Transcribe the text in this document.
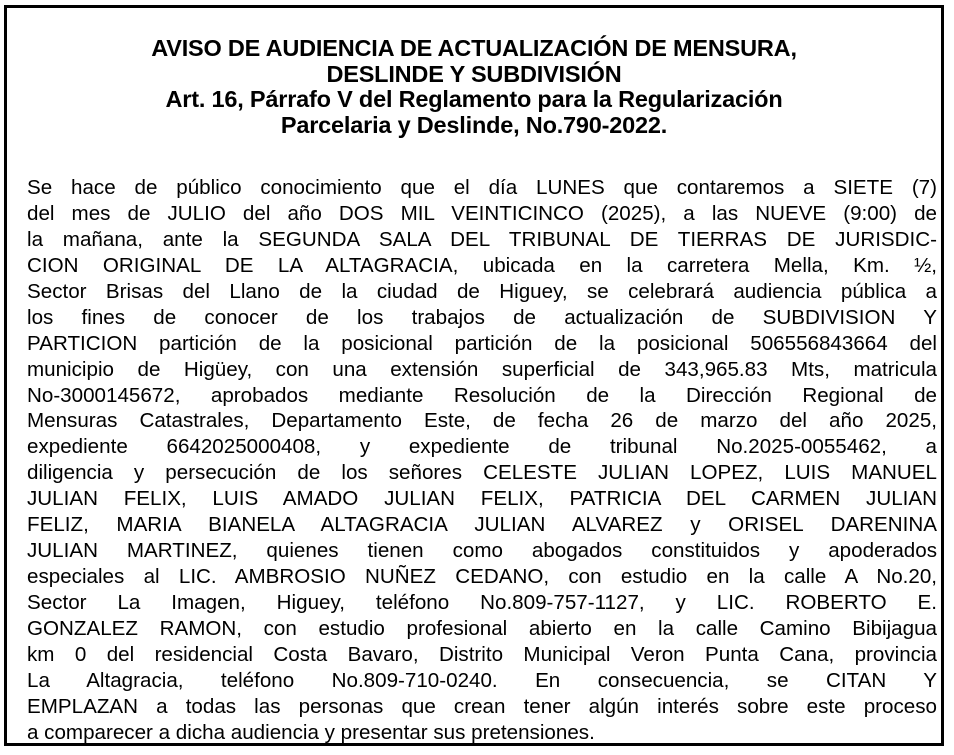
AVISO DE AUDIENCIA DE ACTUALIZACIÓN DE MENSURA,
DESLINDE Y SUBDIVISIÓN
Art. 16, Párrafo V del Reglamento para la Regularización
Parcelaria y Deslinde, No.790-2022.
Se hace de público conocimiento que el día LUNES que contaremos a SIETE (7)
del mes de JULIO del año DOS MIL VEINTICINCO (2025), a las NUEVE (9:00) de
la mañana, ante la SEGUNDA SALA DEL TRIBUNAL DE TIERRAS DE JURISDIC-
CION ORIGINAL DE LA ALTAGRACIA, ubicada en la carretera Mella, Km. ½,
Sector Brisas del Llano de la ciudad de Higuey, se celebrará audiencia pública a
los fines de conocer de los trabajos de actualización de SUBDIVISION Y
PARTICION partición de la posicional partición de la posicional 506556843664 del
municipio de Higüey, con una extensión superficial de 343,965.83 Mts, matricula
No-3000145672, aprobados mediante Resolución de la Dirección Regional de
Mensuras Catastrales, Departamento Este, de fecha 26 de marzo del año 2025,
expediente 6642025000408, y expediente de tribunal No.2025-0055462, a
diligencia y persecución de los señores CELESTE JULIAN LOPEZ, LUIS MANUEL
JULIAN FELIX, LUIS AMADO JULIAN FELIX, PATRICIA DEL CARMEN JULIAN
FELIZ, MARIA BIANELA ALTAGRACIA JULIAN ALVAREZ y ORISEL DARENINA
JULIAN MARTINEZ, quienes tienen como abogados constituidos y apoderados
especiales al LIC. AMBROSIO NUÑEZ CEDANO, con estudio en la calle A No.20,
Sector La Imagen, Higuey, teléfono No.809-757-1127, y LIC. ROBERTO E.
GONZALEZ RAMON, con estudio profesional abierto en la calle Camino Bibijagua
km 0 del residencial Costa Bavaro, Distrito Municipal Veron Punta Cana, provincia
La Altagracia, teléfono No.809-710-0240. En consecuencia, se CITAN Y
EMPLAZAN a todas las personas que crean tener algún interés sobre este proceso
a comparecer a dicha audiencia y presentar sus pretensiones.
